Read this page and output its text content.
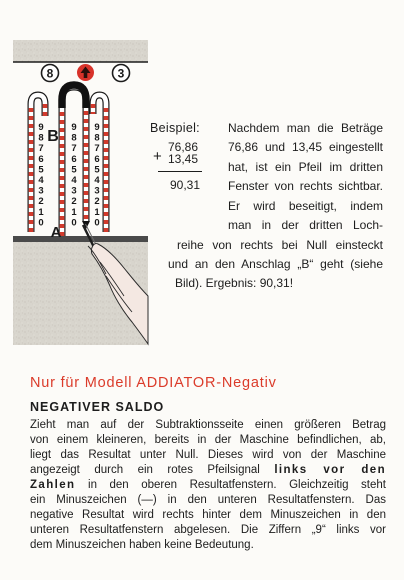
8	3
9
8
7
6
5
4
3
2
1
0
9
8
7
6
5
4
3
2
1
0
9
8
7
6
5
4
3
2
1
0
B
A
Beispiel:
76,86
+ 13,45
90,31
Nachdem man die Beträge
76,86 und 13,45 eingestellt
hat, ist ein Pfeil im dritten
Fenster von rechts sichtbar.
Er wird beseitigt, indem
man in der dritten Loch-
reihe von rechts bei Null einsteckt
und an den Anschlag „B“ geht (siehe
Bild). Ergebnis: 90,31!
Nur für Modell ADDIATOR-Negativ
NEGATIVER SALDO
Zieht man auf der Subtraktionsseite einen größeren Betrag
von einem kleineren, bereits in der Maschine befindlichen, ab,
liegt das Resultat unter Null. Dieses wird von der Maschine
angezeigt durch ein rotes Pfeilsignal links vor den
Zahlen in den oberen Resultatfenstern. Gleichzeitig steht
ein Minuszeichen (—) in den unteren Resultatfenstern. Das
negative Resultat wird rechts hinter dem Minuszeichen in den
unteren Resultatfenstern abgelesen. Die Ziffern „9“ links vor
dem Minuszeichen haben keine Bedeutung.
